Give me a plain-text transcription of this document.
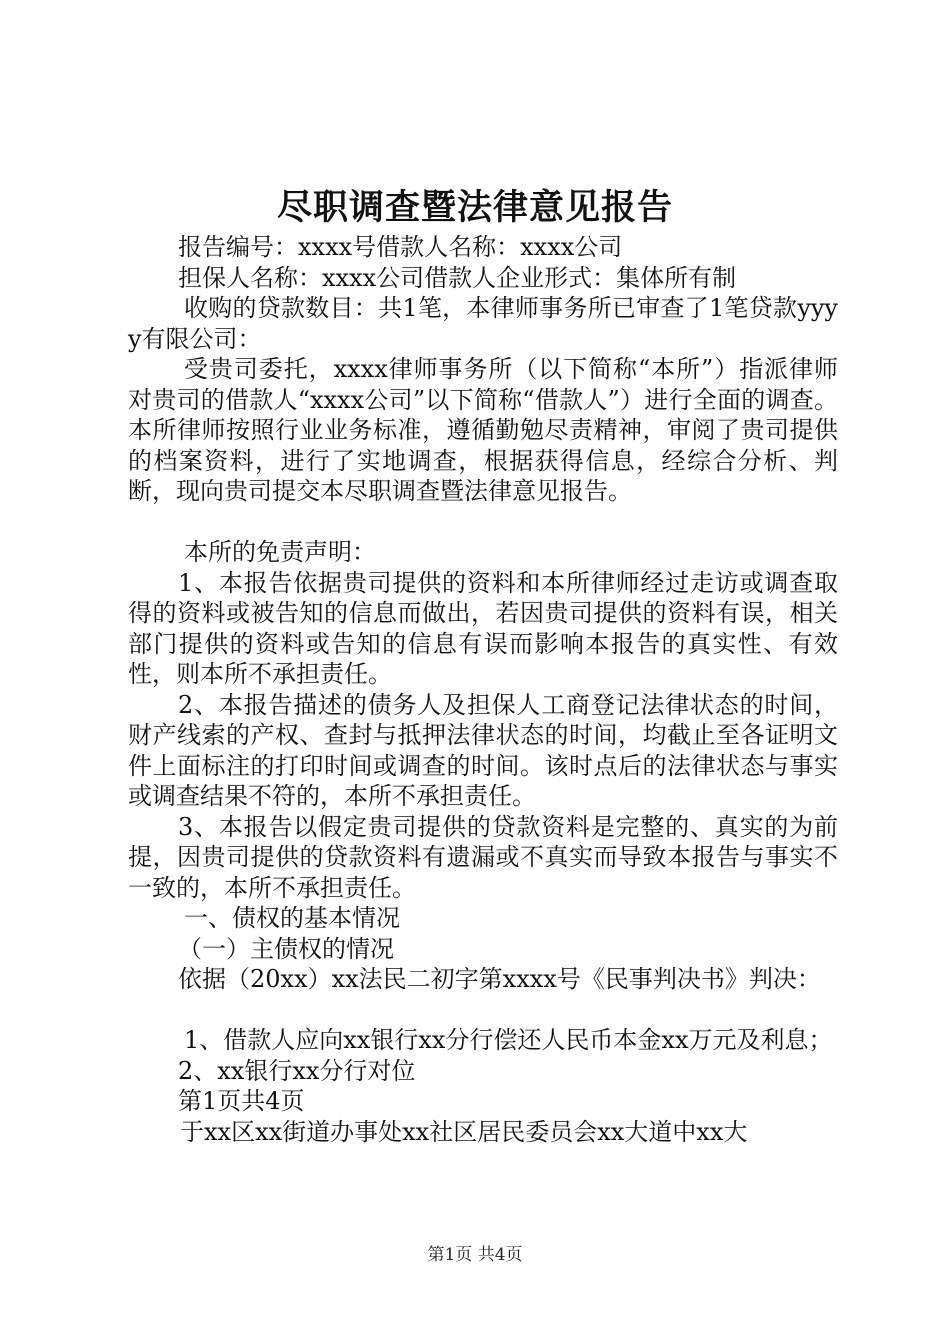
尽职调查暨法律意见报告

报告编号：xxxx号借款人名称：xxxx公司

担保人名称：xxxx公司借款人企业形式：集体所有制

收购的贷款数目：共1笔，本律师事务所已审查了1笔贷款yyyy有限公司：

受贵司委托，xxxx律师事务所（以下简称“本所”）指派律师对贵司的借款人“xxxx公司”以下简称“借款人”）进行全面的调查。本所律师按照行业业务标准，遵循勤勉尽责精神，审阅了贵司提供的档案资料，进行了实地调查，根据获得信息，经综合分析、判断，现向贵司提交本尽职调查暨法律意见报告。

本所的免责声明：

1、本报告依据贵司提供的资料和本所律师经过走访或调查取得的资料或被告知的信息而做出，若因贵司提供的资料有误，相关部门提供的资料或告知的信息有误而影响本报告的真实性、有效性，则本所不承担责任。

2、本报告描述的债务人及担保人工商登记法律状态的时间，财产线索的产权、查封与抵押法律状态的时间，均截止至各证明文件上面标注的打印时间或调查的时间。该时点后的法律状态与事实或调查结果不符的，本所不承担责任。

3、本报告以假定贵司提供的贷款资料是完整的、真实的为前提，因贵司提供的贷款资料有遗漏或不真实而导致本报告与事实不一致的，本所不承担责任。

一、债权的基本情况

（一）主债权的情况

依据（20xx）xx法民二初字第xxxx号《民事判决书》判决：

1、借款人应向xx银行xx分行偿还人民币本金xx万元及利息；

2、xx银行xx分行对位

第1页共4页

于xx区xx街道办事处xx社区居民委员会xx大道中xx大

第1页 共4页
